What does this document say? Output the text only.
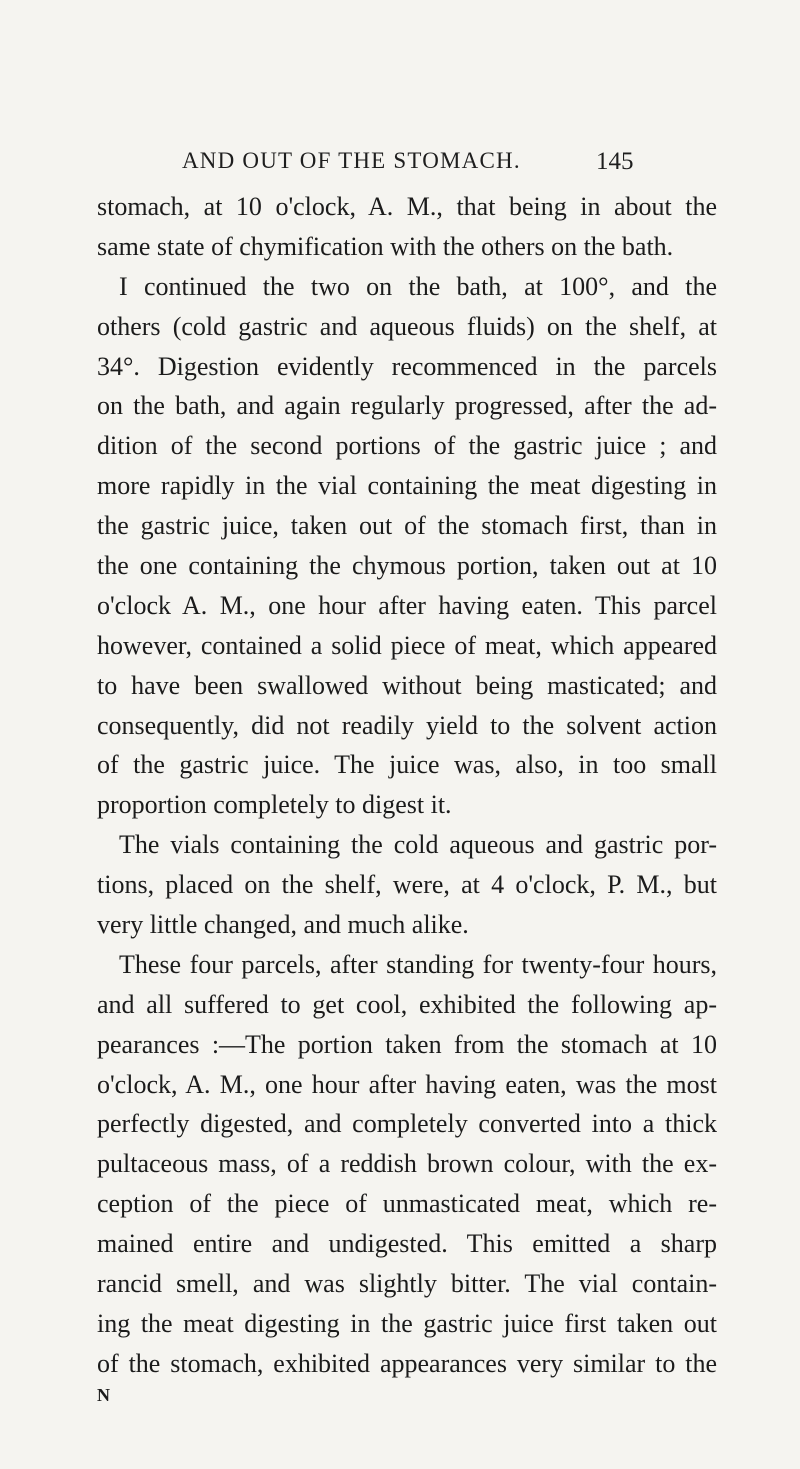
AND OUT OF THE STOMACH.	145
stomach, at 10 o'clock, A. M., that being in about the
same state of chymification with the others on the bath.
I continued the two on the bath, at 100°, and the
others (cold gastric and aqueous fluids) on the shelf, at
34°. Digestion evidently recommenced in the parcels
on the bath, and again regularly progressed, after the ad-
dition of the second portions of the gastric juice ; and
more rapidly in the vial containing the meat digesting in
the gastric juice, taken out of the stomach first, than in
the one containing the chymous portion, taken out at 10
o'clock A. M., one hour after having eaten. This parcel
however, contained a solid piece of meat, which appeared
to have been swallowed without being masticated; and
consequently, did not readily yield to the solvent action
of the gastric juice. The juice was, also, in too small
proportion completely to digest it.
The vials containing the cold aqueous and gastric por-
tions, placed on the shelf, were, at 4 o'clock, P. M., but
very little changed, and much alike.
These four parcels, after standing for twenty-four hours,
and all suffered to get cool, exhibited the following ap-
pearances :—The portion taken from the stomach at 10
o'clock, A. M., one hour after having eaten, was the most
perfectly digested, and completely converted into a thick
pultaceous mass, of a reddish brown colour, with the ex-
ception of the piece of unmasticated meat, which re-
mained entire and undigested. This emitted a sharp
rancid smell, and was slightly bitter. The vial contain-
ing the meat digesting in the gastric juice first taken out
of the stomach, exhibited appearances very similar to the
N
